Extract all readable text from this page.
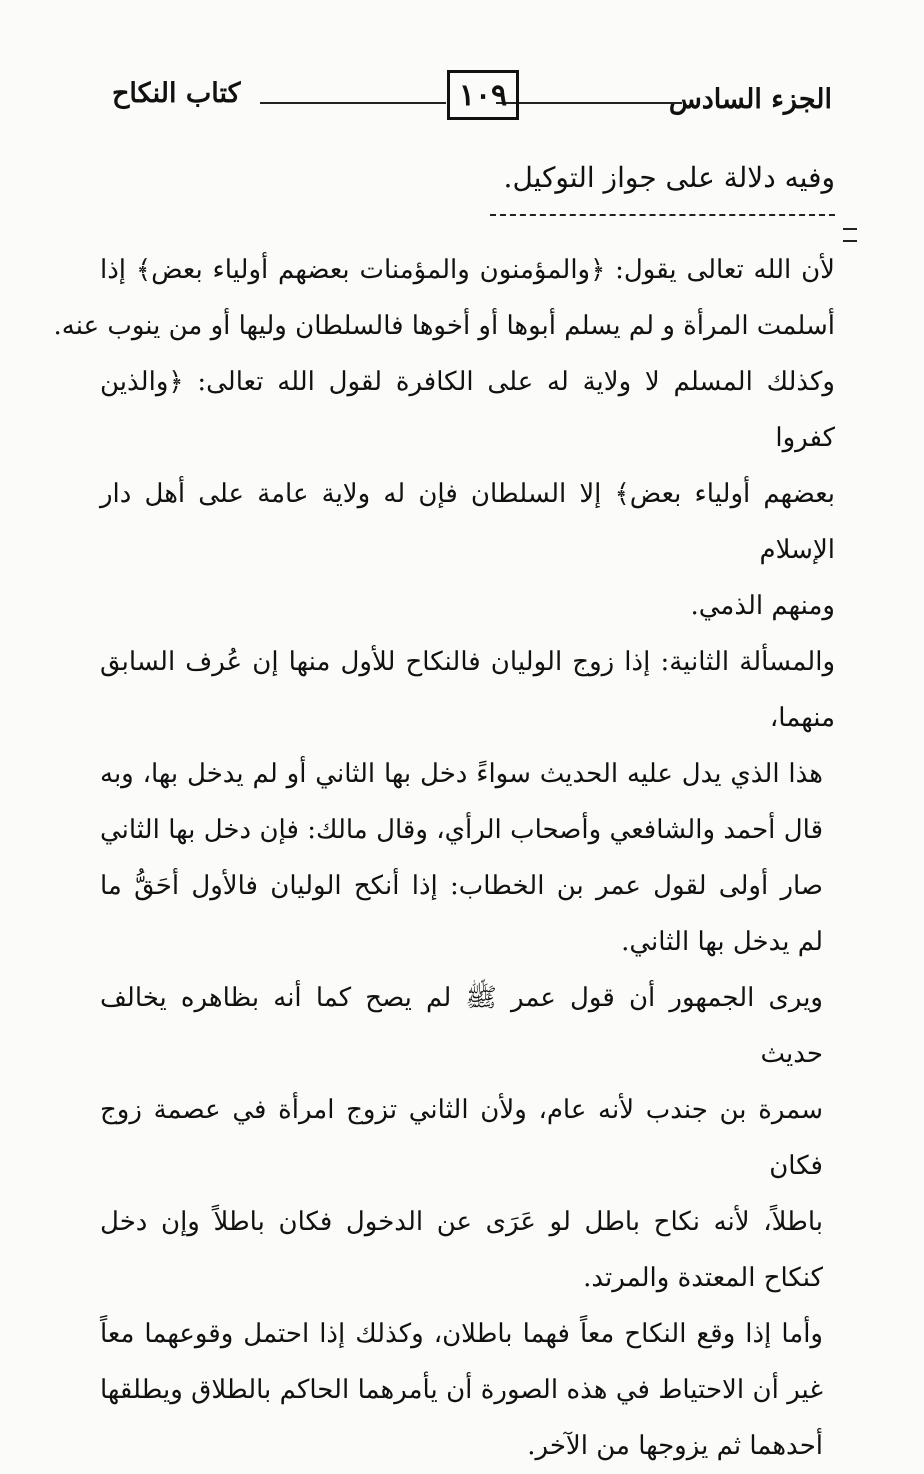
الجزء السادس
١٠٩
كتاب النكاح
وفيه دلالة على جواز التوكيل.
لأن الله تعالى يقول: ﴿والمؤمنون والمؤمنات بعضهم أولياء بعض﴾ إذا
أسلمت المرأة و لم يسلم أبوها أو أخوها فالسلطان وليها أو من ينوب عنه.
وكذلك المسلم لا ولاية له على الكافرة لقول الله تعالى: ﴿والذين كفروا
بعضهم أولياء بعض﴾ إلا السلطان فإن له ولاية عامة على أهل دار الإسلام
ومنهم الذمي.
والمسألة الثانية: إذا زوج الوليان فالنكاح للأول منها إن عُرف السابق منهما،
هذا الذي يدل عليه الحديث سواءً دخل بها الثاني أو لم يدخل بها، وبه
قال أحمد والشافعي وأصحاب الرأي، وقال مالك: فإن دخل بها الثاني
صار أولى لقول عمر بن الخطاب: إذا أنكح الوليان فالأول أحَقُّ ما
لم يدخل بها الثاني.
ويرى الجمهور أن قول عمر ﷺ لم يصح كما أنه بظاهره يخالف حديث
سمرة بن جندب لأنه عام، ولأن الثاني تزوج امرأة في عصمة زوج فكان
باطلاً، لأنه نكاح باطل لو عَرَى عن الدخول فكان باطلاً وإن دخل
كنكاح المعتدة والمرتد.
وأما إذا وقع النكاح معاً فهما باطلان، وكذلك إذا احتمل وقوعهما معاً
غير أن الاحتياط في هذه الصورة أن يأمرهما الحاكم بالطلاق ويطلقها
أحدهما ثم يزوجها من الآخر.
